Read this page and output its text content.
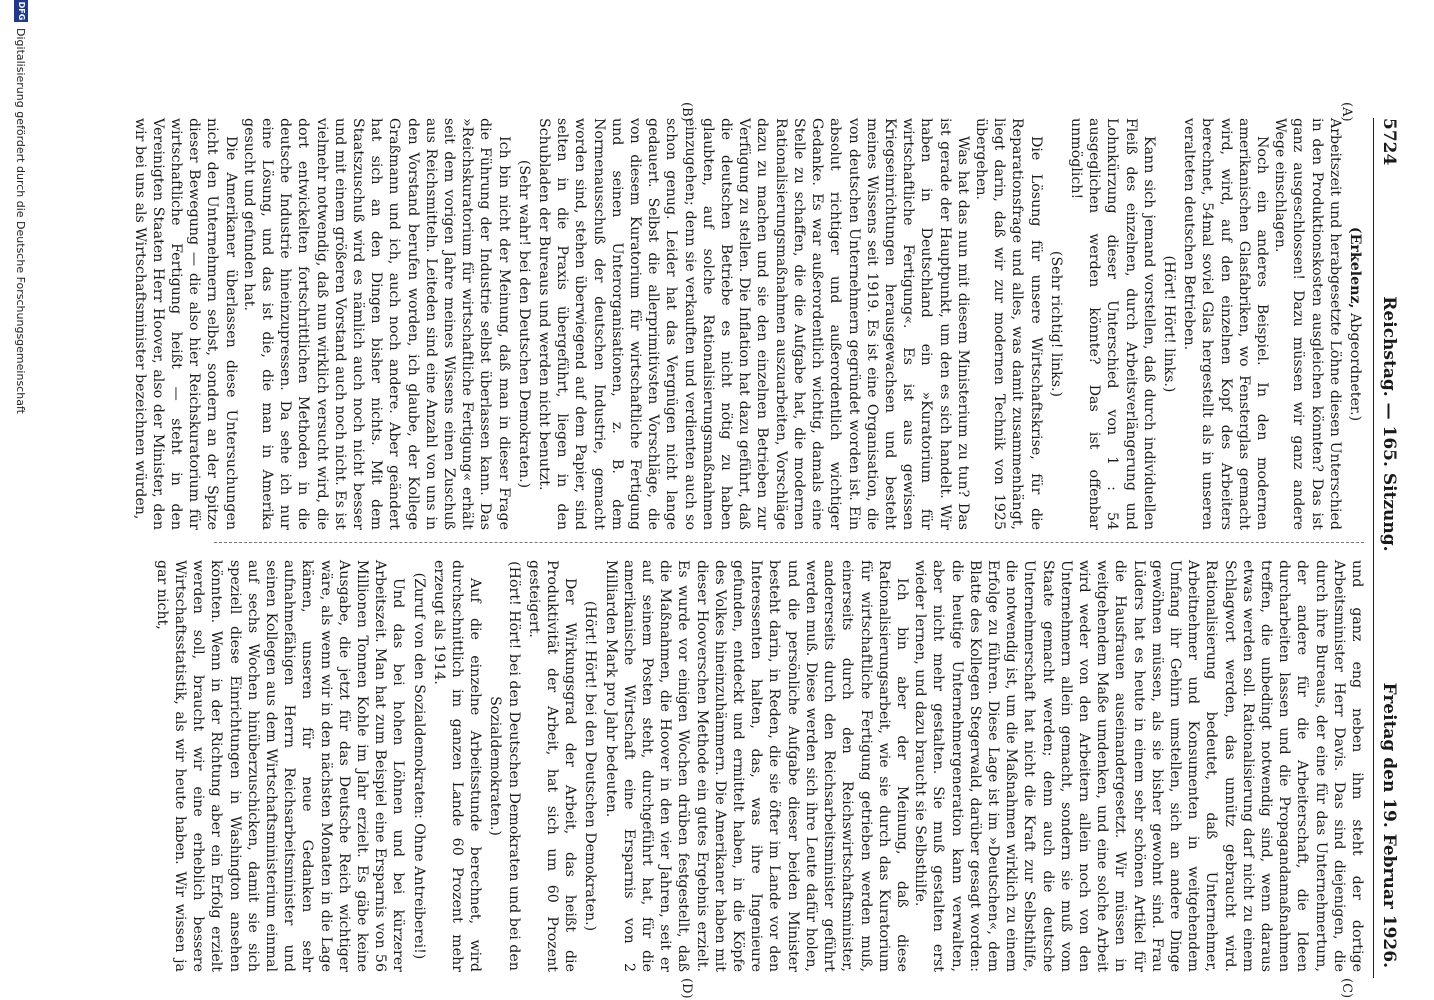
5724
Reichstag. — 165. Sitzung.
Freitag den 19. Februar 1926.
(A)
(B)
(C)
(D)

(Erkelenz, Abgeordneter.)

Arbeitszeit und herabgesetzte Löhne diesen Unterschied in den Produktionskosten ausgleichen könnten? Das ist ganz ausgeschlossen! Dazu müssen wir ganz andere Wege einschlagen.

Noch ein anderes Beispiel. In den modernen amerikanischen Glasfabriken, wo Fensterglas gemacht wird, wird, auf den einzelnen Kopf des Arbeiters berechnet, 54mal soviel Glas hergestellt als in unseren veralteten deutschen Betrieben.

(Hört! Hört! links.)

Kann sich jemand vorstellen, daß durch individuellen Fleiß des einzelnen, durch Arbeitsverlängerung und Lohnkürzung dieser Unterschied von 1 : 54 ausgeglichen werden könnte? Das ist offenbar unmöglich!

(Sehr richtig! links.)

Die Lösung für unsere Wirtschaftskrise, für die Reparationsfrage und alles, was damit zusammenhängt, liegt darin, daß wir zur modernen Technik von 1925 übergehen.

Was hat das nun mit diesem Ministerium zu tun? Das ist gerade der Hauptpunkt, um den es sich handelt. Wir haben in Deutschland ein »Kuratorium für wirtschaftliche Fertigung«. Es ist aus gewissen Kriegseinrichtungen herausgewachsen und besteht meines Wissens seit 1919. Es ist eine Organisation, die von deutschen Unternehmern gegründet worden ist. Ein absolut richtiger und außerordentlich wichtiger Gedanke. Es war außerordentlich wichtig, damals eine Stelle zu schaffen, die die Aufgabe hat, die modernen Rationalisierungsmaßnahmen auszuarbeiten, Vorschläge dazu zu machen und sie den einzelnen Betrieben zur Verfügung zu stellen. Die Inflation hat dazu geführt, daß die deutschen Betriebe es nicht nötig zu haben glaubten, auf solche Rationalisierungsmaßnahmen einzugehen; denn sie verkauften und verdienten auch so schon genug. Leider hat das Vergnügen nicht lange gedauert. Selbst die allerprimitivsten Vorschläge, die von diesem Kuratorium für wirtschaftliche Fertigung und seinen Unterorganisationen, z. B. dem Normenausschuß der deutschen Industrie, gemacht worden sind, stehen überwiegend auf dem Papier, sind selten in die Praxis übergeführt, liegen in den Schubladen der Bureaus und werden nicht benutzt.

(Sehr wahr! bei den Deutschen Demokraten.)

Ich bin nicht der Meinung, daß man in dieser Frage die Führung der Industrie selbst überlassen kann. Das »Reichskuratorium für wirtschaftliche Fertigung« erhält seit dem vorigen Jahre meines Wissens einen Zuschuß aus Reichsmitteln. Leiteden sind eine Anzahl von uns in den Vorstand berufen worden, ich glaube, der Kollege Graßmann und ich, auch noch andere. Aber geändert hat sich an den Dingen bisher nichts. Mit dem Staatszuschuß wird es nämlich auch noch nicht besser und mit einem größeren Vorstand auch noch nicht. Es ist vielmehr notwendig, daß nun wirklich versucht wird, die dort entwickelten fortschrittlichen Methoden in die deutsche Industrie hineinzupressen. Da sehe ich nur eine Lösung, und das ist die, die man in Amerika gesucht und gefunden hat.

Die Amerikaner überlassen diese Untersuchungen nicht den Unternehmern selbst, sondern an der Spitze dieser Bewegung — die also hier Reichskuratorium für wirtschaftliche Fertigung heißt — steht in den Vereinigten Staaten Herr Hoover, also der Minister, den wir bei uns als Wirtschaftsminister bezeichnen würden,

und ganz eng neben ihm steht der dortige Arbeitsminister Herr Davis. Das sind diejenigen, die durch ihre Bureaus, der eine für das Unternehmertum, der andere für die Arbeiterschaft, die Ideen durcharbeiten lassen und die Propagandamaßnahmen treffen, die unbedingt notwendig sind, wenn daraus etwas werden soll. Rationalisierung darf nicht zu einem Schlagwort werden, das unnütz gebraucht wird. Rationalisierung bedeutet, daß Unternehmer, Arbeitnehmer und Konsumenten in weitgehendem Umfang ihr Gehirn umstellen, sich an andere Dinge gewöhnen müssen, als sie bisher gewohnt sind. Frau Lüders hat es heute in einem sehr schönen Artikel für die Hausfrauen auseinandergesetzt. Wir müssen in weitgehendem Maße umdenken, und eine solche Arbeit wird weder von den Arbeitern allein noch von den Unternehmern allein gemacht, sondern sie muß vom Staate gemacht werden; denn auch die deutsche Unternehmerschaft hat nicht die Kraft zur Selbsthilfe, die notwendig ist, um die Maßnahmen wirklich zu einem Erfolge zu führen. Diese Lage ist im »Deutschen«, dem Blatte des Kollegen Stegerwald, darüber gesagt worden: die heutige Unternehmergeneration kann verwalten, aber nicht mehr gestalten. Sie muß gestalten erst wieder lernen, und dazu braucht sie Selbsthilfe.

Ich bin aber der Meinung, daß diese Rationalisierungsarbeit, wie sie durch das Kuratorium für wirtschaftliche Fertigung getrieben werden muß, einerseits durch den Reichswirtschaftsminister, andererseits durch den Reichsarbeitsminister geführt werden muß. Diese werden sich ihre Leute dafür holen, und die persönliche Aufgabe dieser beiden Minister besteht darin, in Reden, die sie öfter im Lande vor den Interessenten halten, das, was ihre Ingenieure gefunden, entdeckt und ermittelt haben, in die Köpfe des Volkes hineinzuhämmern. Die Amerikaner haben mit dieser Hooverschen Methode ein gutes Ergebnis erzielt. Es wurde vor einigen Wochen drüben festgestellt, daß die Maßnahmen, die Hoover in den vier Jahren, seit er auf seinem Posten steht, durchgeführt hat, für die amerikanische Wirtschaft eine Ersparnis von 2 Milliarden Mark pro Jahr bedeuten.

(Hört! Hört! bei den Deutschen Demokraten.)

Der Wirkungsgrad der Arbeit, das heißt die Produktivität der Arbeit, hat sich um 60 Prozent gesteigert.

(Hört! Hört! bei den Deutschen Demokraten und bei den Sozialdemokraten.)

Auf die einzelne Arbeitsstunde berechnet, wird durchschnittlich im ganzen Lande 60 Prozent mehr erzeugt als 1914.

(Zuruf von den Sozialdemokraten: Ohne Antreiberei!)

Und das bei hohen Löhnen und bei kürzerer Arbeitszeit. Man hat zum Beispiel eine Ersparnis von 56 Millionen Tonnen Kohle im Jahr erzielt. Es gäbe keine Ausgabe, die jetzt für das Deutsche Reich wichtiger wäre, als wenn wir in den nächsten Monaten in die Lage kämen, unseren für neue Gedanken sehr aufnahmefähigen Herrn Reichsarbeitsminister und seinen Kollegen aus dem Wirtschaftsministerium einmal auf sechs Wochen hinüberzuschicken, damit sie sich speziell diese Einrichtungen in Washington ansehen könnten. Wenn in der Richtung aber ein Erfolg erzielt werden soll, braucht wir eine erheblich bessere Wirtschaftsstatistik, als wir heute haben. Wir wissen ja gar nicht,

DFG
Digitalisierung gefördert durch die Deutsche Forschungsgemeinschaft
